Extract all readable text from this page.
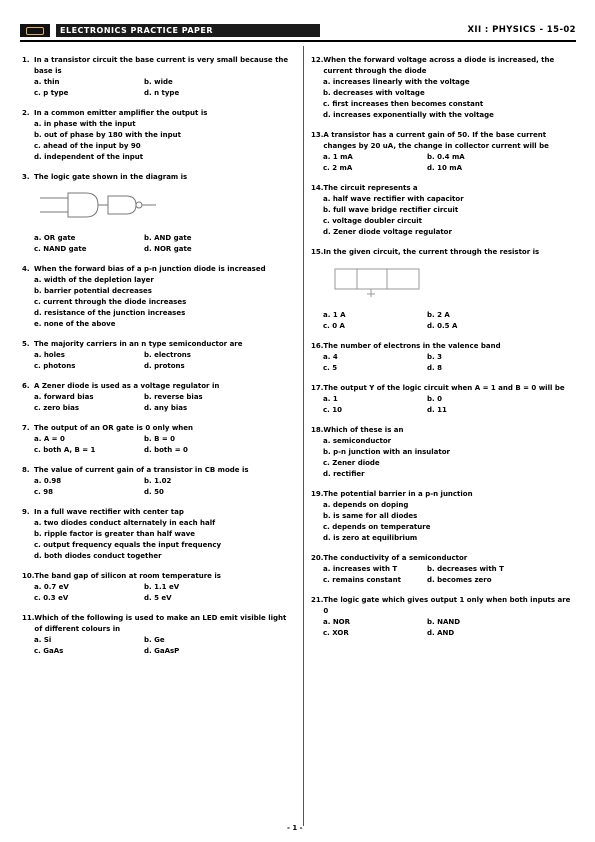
ELECTRONICS PRACTICE PAPER	XII : PHYSICS - 15-02
1. In a transistor circuit the base current is very small because the base is
a. thin	b. wide
c. p type	d. n type
2. In a common emitter amplifier the output is
a. in phase with the input
b. out of phase by 180 with the input
c. ahead of the input by 90
d. independent of the input
3. The logic gate shown in the diagram is
a. OR gate	b. AND gate
c. NAND gate	d. NOR gate
4. When the forward bias of a p-n junction diode is increased
a. width of the depletion layer
b. barrier potential decreases
c. current through the diode increases
d. resistance of the junction increases
e. none of the above
5. The majority carriers in an n type semiconductor are
a. holes	b. electrons
c. photons	d. protons
6. A Zener diode is used as a voltage regulator in
a. forward bias	b. reverse bias
c. zero bias	d. any bias
7. The output of an OR gate is 0 only when
a. A = 0	b. B = 0
c. both A, B = 1	d. both = 0
8. The value of current gain of a transistor in CB mode is
a. 0.98	b. 1.02
c. 98	d. 50
9. In a full wave rectifier with center tap
a. two diodes conduct alternately in each half
b. ripple factor is greater than half wave
c. output frequency equals the input frequency
d. both diodes conduct together
10. The band gap of silicon at room temperature is
a. 0.7 eV	b. 1.1 eV
c. 0.3 eV	d. 5 eV
11. Which of the following is used to make an LED emit visible light of different colours in
a. Si	b. Ge
c. GaAs	d. GaAsP
12. When the forward voltage across a diode is increased, the current through the diode
a. increases linearly with the voltage
b. decreases with voltage
c. first increases then becomes constant
d. increases exponentially with the voltage
13. A transistor has a current gain of 50. If the base current changes by 20 uA, the change in collector current will be
a. 1 mA	b. 0.4 mA
c. 2 mA	d. 10 mA
14. The circuit represents a
a. half wave rectifier with capacitor
b. full wave bridge rectifier circuit
c. voltage doubler circuit
d. Zener diode voltage regulator
15. In the given circuit, the current through the resistor is
a. 1 A	b. 2 A
c. 0 A	d. 0.5 A
16. The number of electrons in the valence band
a. 4	b. 3
c. 5	d. 8
17. The output Y of the logic circuit when A = 1 and B = 0 will be
a. 1	b. 0
c. 10	d. 11
18. Which of these is an
a. semiconductor
b. p-n junction with an insulator
c. Zener diode
d. rectifier
19. The potential barrier in a p-n junction
a. depends on doping
b. is same for all diodes
c. depends on temperature
d. is zero at equilibrium
20. The conductivity of a semiconductor
a. increases with T	b. decreases with T
c. remains constant	d. becomes zero
21. The logic gate which gives output 1 only when both inputs are 0
a. NOR	b. NAND
c. XOR	d. AND
- 1 -
